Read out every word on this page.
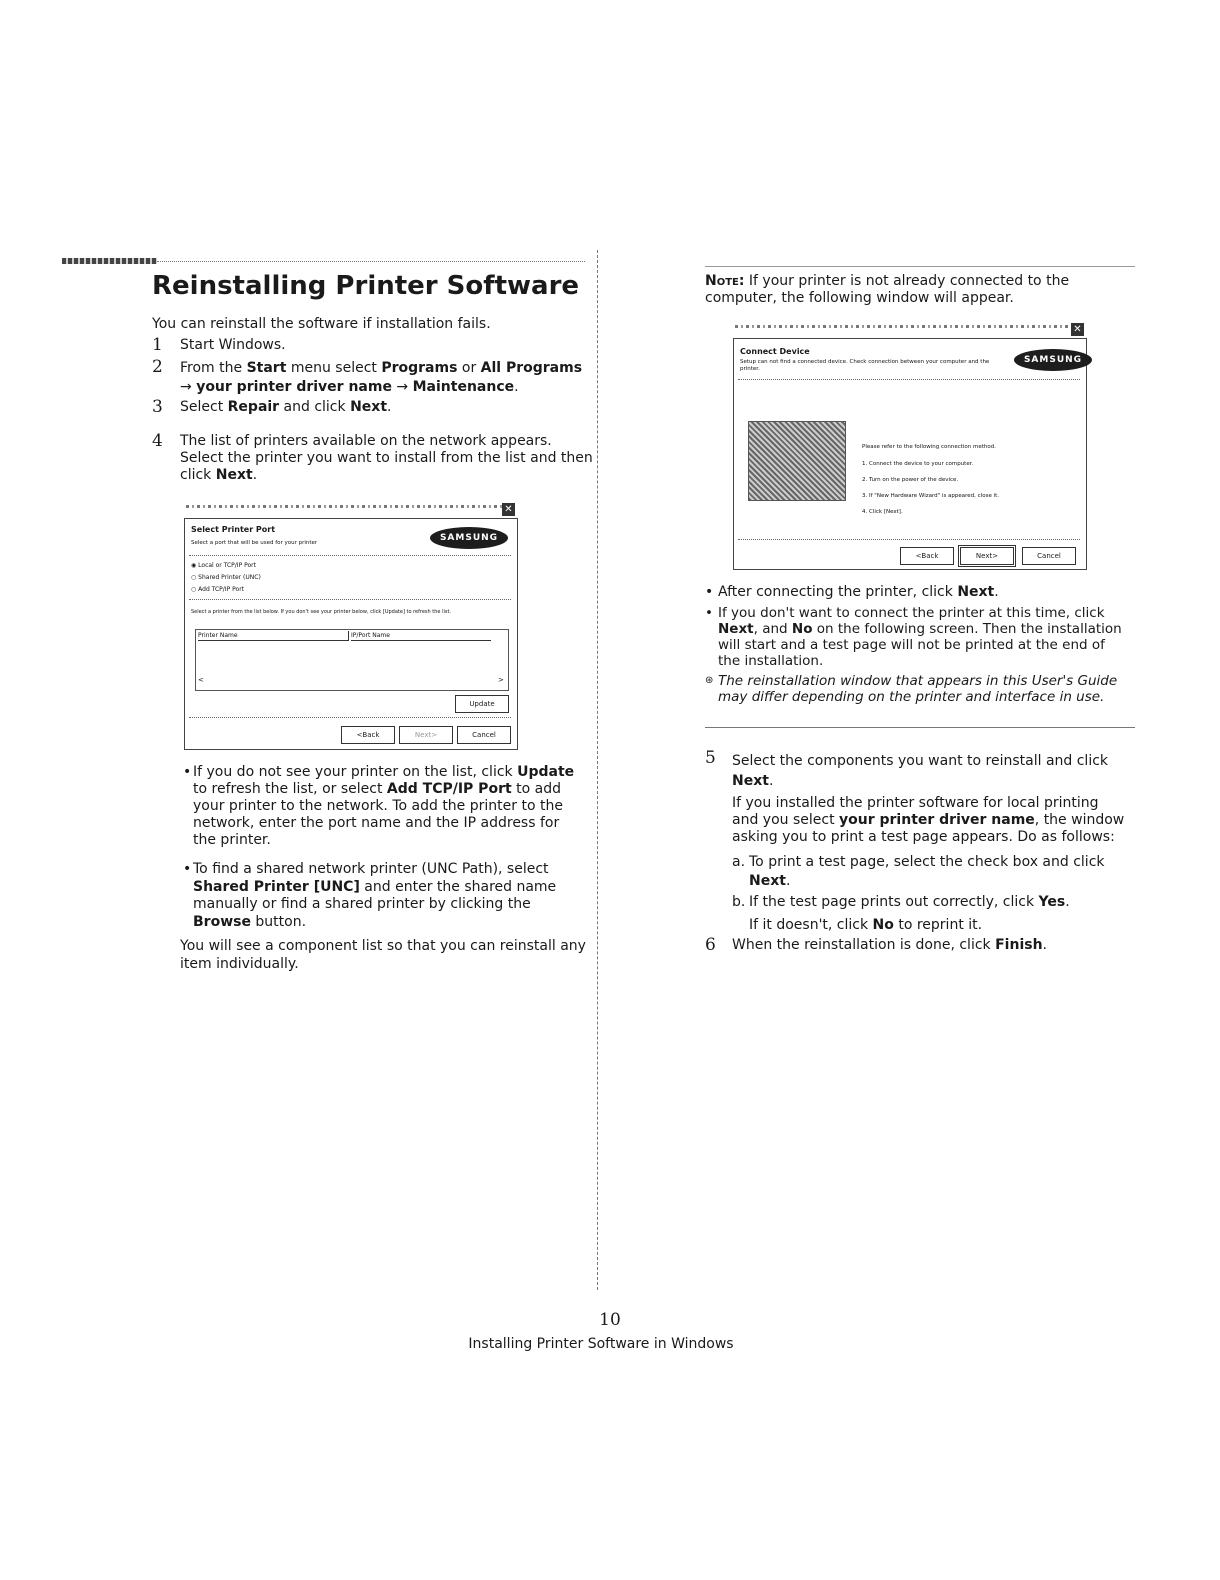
Reinstalling Printer Software
You can reinstall the software if installation fails.
1 Start Windows.
2 From the Start menu select Programs or All Programs
→ your printer driver name → Maintenance.
3 Select Repair and click Next.
4 The list of printers available on the network appears.
Select the printer you want to install from the list and then
click Next.
✕
Select Printer Port
Select a port that will be used for your printer	SAMSUNG
◉ Local or TCP/IP Port
○ Shared Printer (UNC)
○ Add TCP/IP Port
Select a printer from the list below. If you don't see your printer below, click [Update] to refresh the list.
Printer Name	IP/Port Name
<	>
Update
<Back	Next>	Cancel
• If you do not see your printer on the list, click Update to refresh the list, or select Add TCP/IP Port to add your printer to the network. To add the printer to the network, enter the port name and the IP address for the printer.
• To find a shared network printer (UNC Path), select Shared Printer [UNC] and enter the shared name manually or find a shared printer by clicking the Browse button.
You will see a component list so that you can reinstall any item individually.
Note: If your printer is not already connected to the computer, the following window will appear.
✕
Connect Device
Setup can not find a connected device. Check connection between your computer and the printer.
SAMSUNG
Please refer to the following connection method.
1. Connect the device to your computer.
2. Turn on the power of the device.
3. If "New Hardware Wizard" is appeared, close it.
4. Click [Next].
<Back	Next>	Cancel
• After connecting the printer, click Next.
• If you don't want to connect the printer at this time, click Next, and No on the following screen. Then the installation will start and a test page will not be printed at the end of the installation.
⊛ The reinstallation window that appears in this User's Guide may differ depending on the printer and interface in use.
5 Select the components you want to reinstall and click Next.
If you installed the printer software for local printing and you select your printer driver name, the window asking you to print a test page appears. Do as follows:
a. To print a test page, select the check box and click Next.
b. If the test page prints out correctly, click Yes.
If it doesn't, click No to reprint it.
6 When the reinstallation is done, click Finish.
10
Installing Printer Software in Windows
